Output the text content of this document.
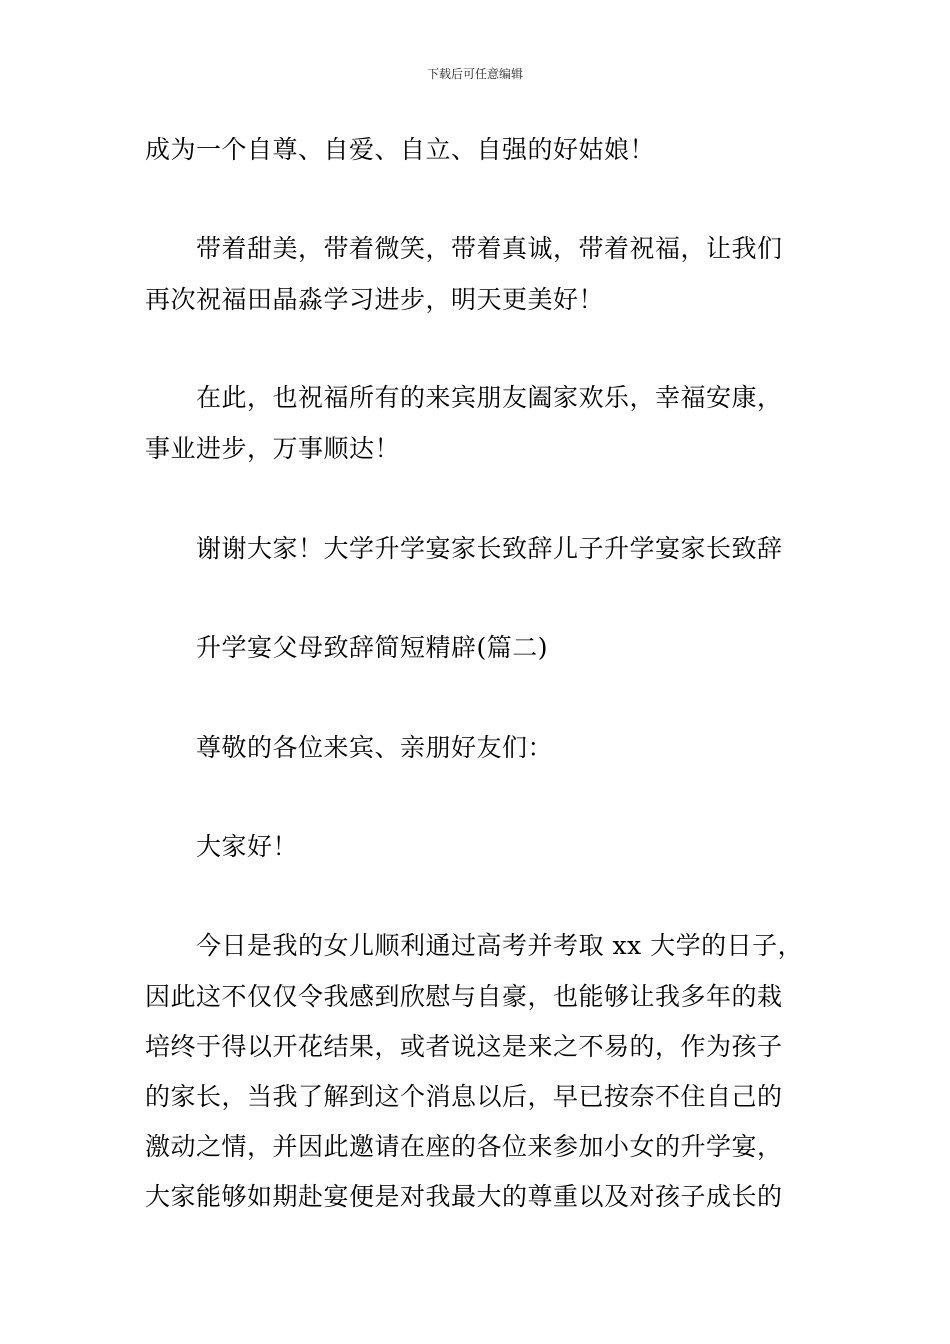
下载后可任意编辑
成为一个自尊、自爱、自立、自强的好姑娘！
带着甜美，带着微笑，带着真诚，带着祝福，让我们
再次祝福田晶淼学习进步，明天更美好！
在此，也祝福所有的来宾朋友阖家欢乐，幸福安康，
事业进步，万事顺达！
谢谢大家！大学升学宴家长致辞儿子升学宴家长致辞
升学宴父母致辞简短精辟(篇二)
尊敬的各位来宾、亲朋好友们：
大家好！
今日是我的女儿顺利通过高考并考取 xx 大学的日子，
因此这不仅仅令我感到欣慰与自豪，也能够让我多年的栽
培终于得以开花结果，或者说这是来之不易的，作为孩子
的家长，当我了解到这个消息以后，早已按奈不住自己的
激动之情，并因此邀请在座的各位来参加小女的升学宴，
大家能够如期赴宴便是对我最大的尊重以及对孩子成长的
